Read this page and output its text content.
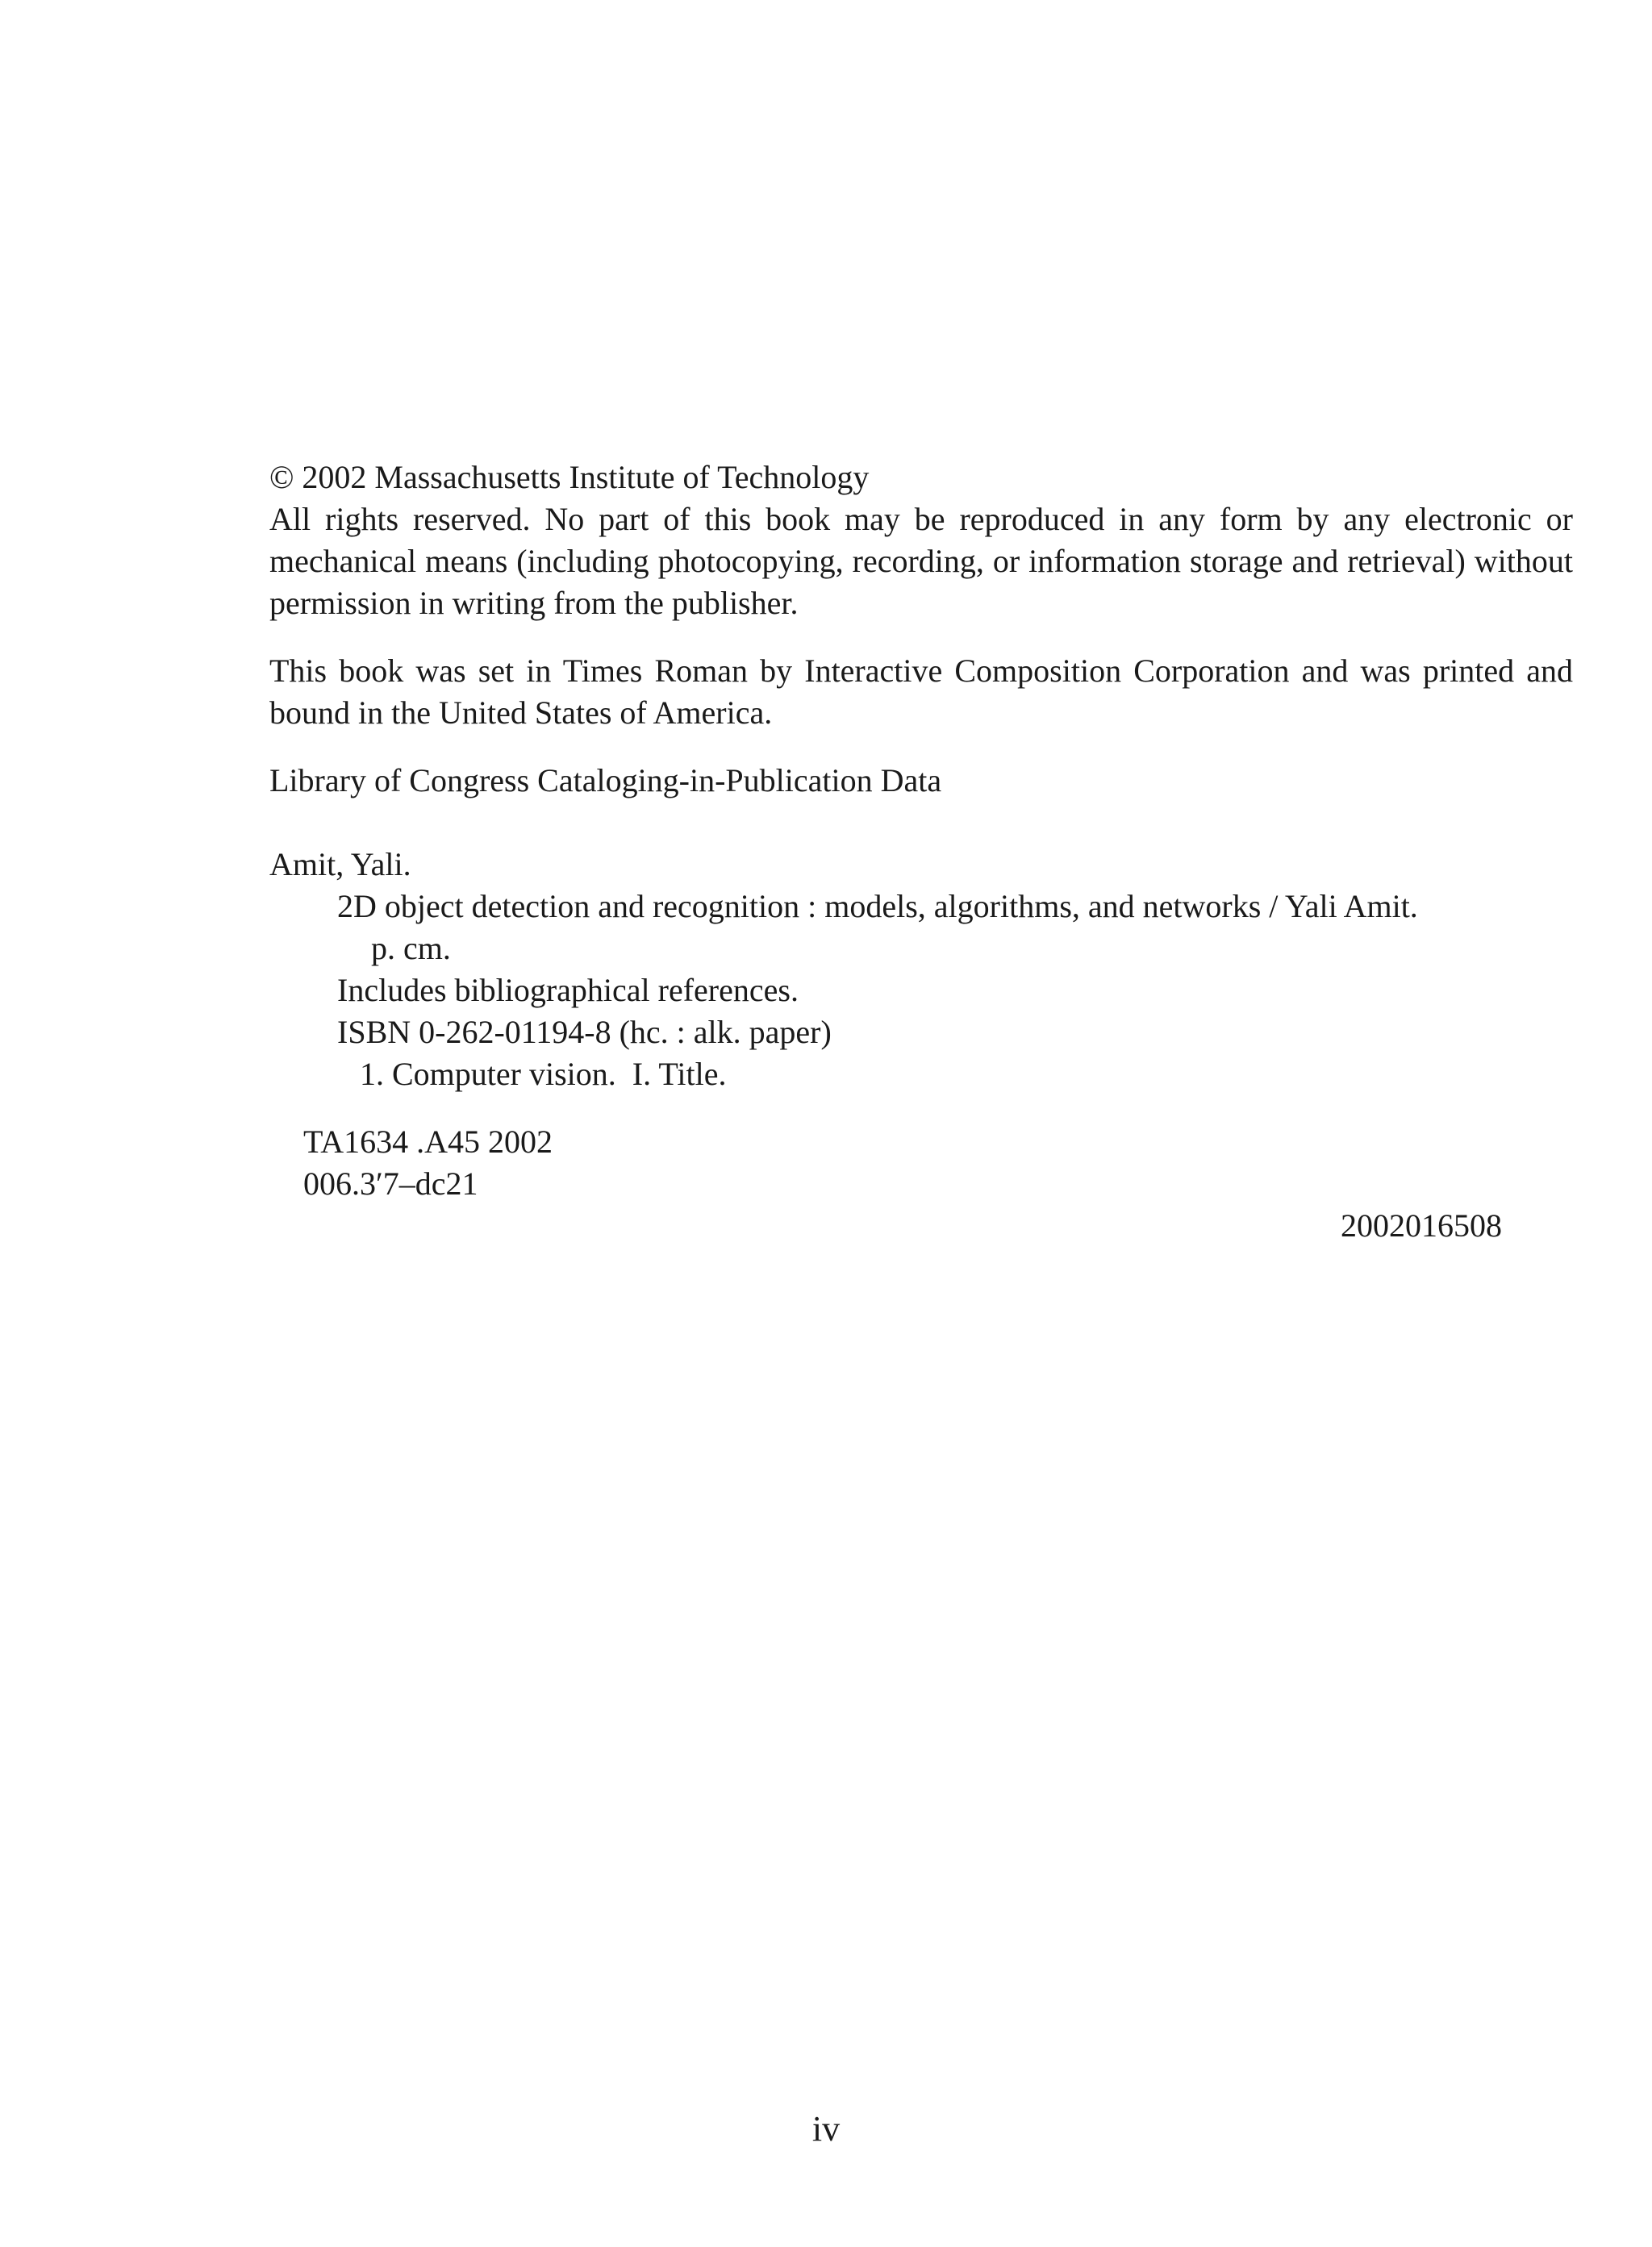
© 2002 Massachusetts Institute of Technology
All rights reserved. No part of this book may be reproduced in any form by any electronic or mechanical means (including photocopying, recording, or information storage and retrieval) without permission in writing from the publisher.
This book was set in Times Roman by Interactive Composition Corporation and was printed and bound in the United States of America.
Library of Congress Cataloging-in-Publication Data
Amit, Yali.
2D object detection and recognition : models, algorithms, and networks / Yali Amit.
p. cm.
Includes bibliographical references.
ISBN 0-262-01194-8 (hc. : alk. paper)
1. Computer vision.  I. Title.
TA1634 .A45 2002
006.3′7–dc21
2002016508
iv
